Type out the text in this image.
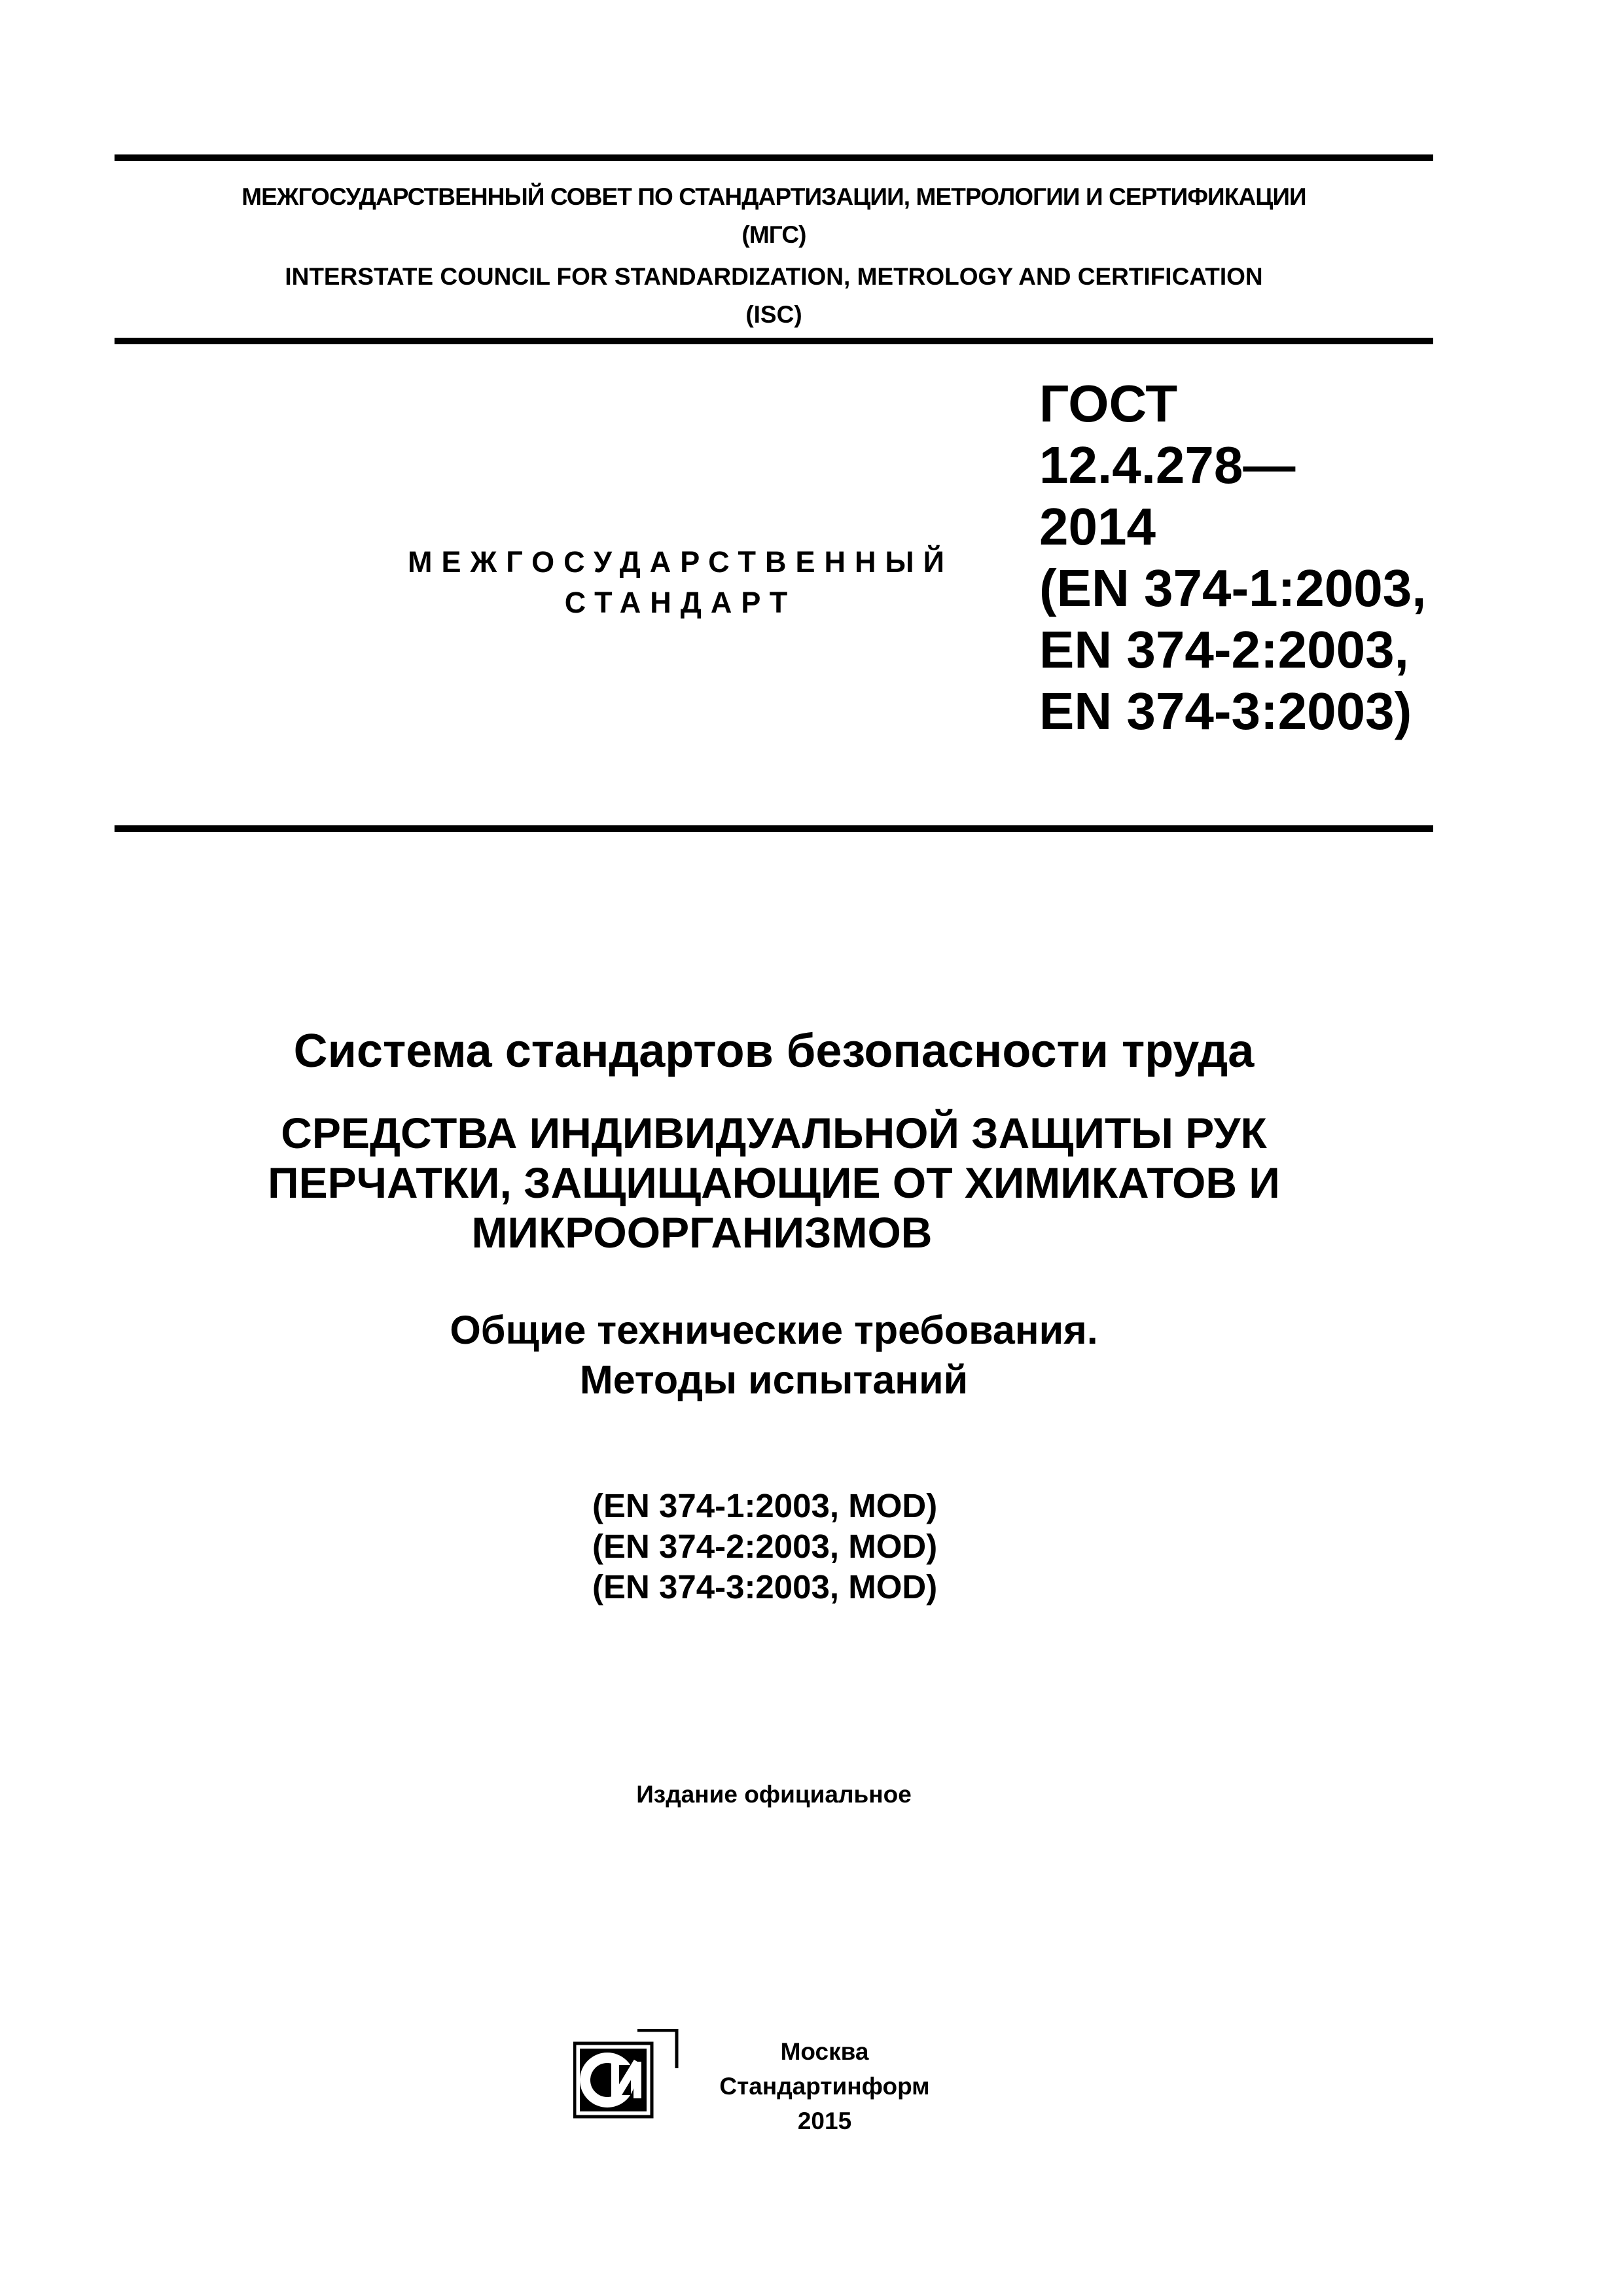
МЕЖГОСУДАРСТВЕННЫЙ СОВЕТ ПО СТАНДАРТИЗАЦИИ, МЕТРОЛОГИИ И СЕРТИФИКАЦИИ
(МГС)
INTERSTATE COUNCIL FOR STANDARDIZATION, METROLOGY AND CERTIFICATION
(ISC)
МЕЖГОСУДАРСТВЕННЫЙ
СТАНДАРТ
ГОСТ
12.4.278—
2014
(EN 374-1:2003,
EN 374-2:2003,
EN 374-3:2003)
Система стандартов безопасности труда
СРЕДСТВА ИНДИВИДУАЛЬНОЙ ЗАЩИТЫ РУК
ПЕРЧАТКИ, ЗАЩИЩАЮЩИЕ ОТ ХИМИКАТОВ И
МИКРООРГАНИЗМОВ
Общие технические требования.
Методы испытаний
(EN 374-1:2003, MOD)
(EN 374-2:2003, MOD)
(EN 374-3:2003, MOD)
Издание официальное
Москва
Стандартинформ
2015
